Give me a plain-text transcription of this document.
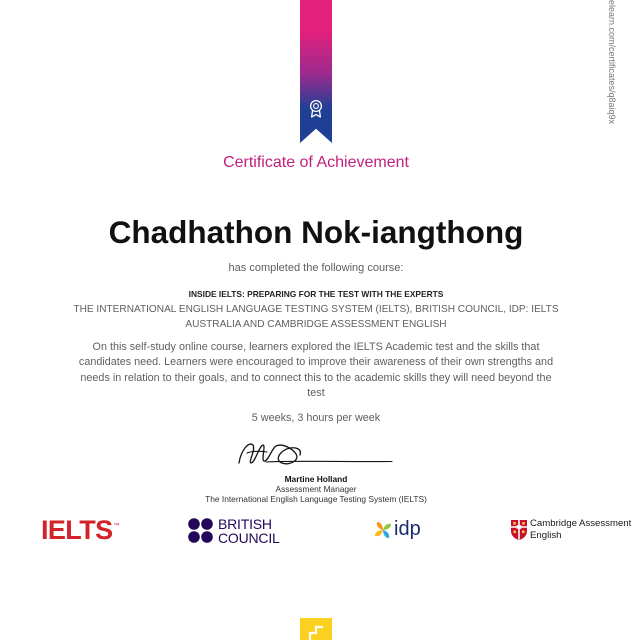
elearn.com/certificates/q8aiq9x
Certificate of Achievement
Chadhathon Nok-iangthong
has completed the following course:
INSIDE IELTS: PREPARING FOR THE TEST WITH THE EXPERTS
THE INTERNATIONAL ENGLISH LANGUAGE TESTING SYSTEM (IELTS), BRITISH COUNCIL, IDP: IELTS AUSTRALIA AND CAMBRIDGE ASSESSMENT ENGLISH
On this self-study online course, learners explored the IELTS Academic test and the skills that candidates need. Learners were encouraged to improve their awareness of their own strengths and needs in relation to their goals, and to connect this to the academic skills they will need beyond the test
5 weeks, 3 hours per week
Martine Holland
Assessment Manager
The International English Language Testing System (IELTS)
IELTS™	BRITISH
COUNCIL	idp	Cambridge Assessment
English
